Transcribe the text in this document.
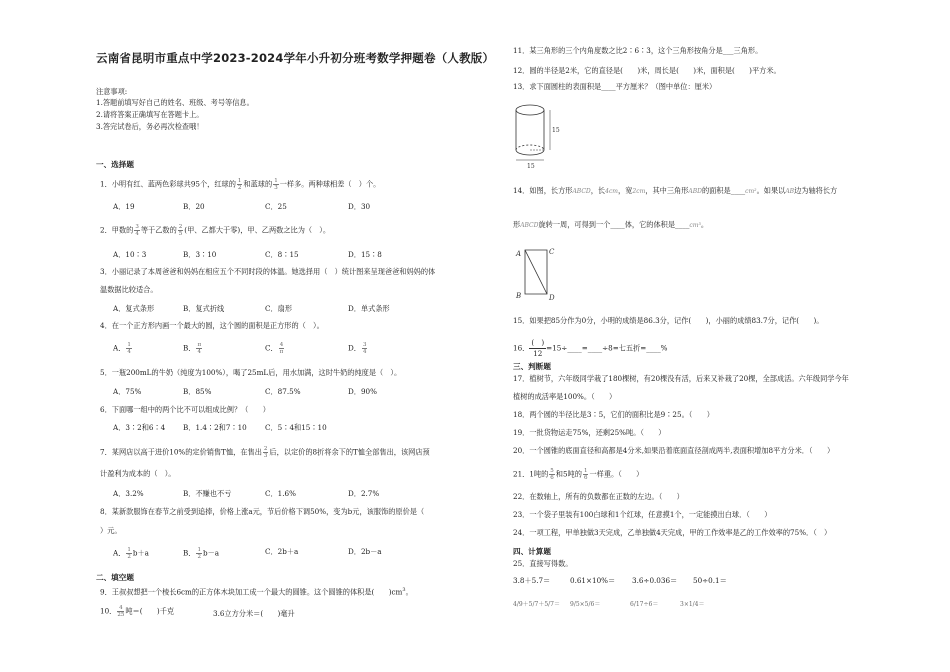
云南省昆明市重点中学2023-2024学年小升初分班考数学押题卷（人教版）
注意事项:
1.答题前填写好自己的姓名、班级、考号等信息。
2.请将答案正确填写在答题卡上。
3.答完试卷后，务必再次检查哦！
一、选择题
1．小明有红、蓝两色彩球共95个，红球的 $\frac{1}{2}$ 和蓝球的 $\frac{1}{3}$ 一样多。两种球相差（　）个。
A．19	B．20	C．25	D．30
2．甲数的 $\frac{3}{4}$ 等于乙数的 $\frac{2}{5}$ (甲、乙都大于零)，甲、乙两数之比为（　）。
A．10∶3	B．3∶10	C．8∶15	D．15∶8
3．小丽记录了本周爸爸和妈妈在相应五个不同时段的体温。她选择用（　）统计图来呈现爸爸和妈妈的体
温数据比较适合。
A．复式条形	B．复式折线	C．扇形	D．单式条形
4．在一个正方形内画一个最大的圆，这个圆的面积是正方形的（　）。
A． $\frac{1}{4}$	B． $\frac{\pi}{4}$	C． $\frac{4}{\pi}$	D． $\frac{3}{4}$
5．一瓶200mL的牛奶（纯度为100%），喝了25mL后，用水加满，这时牛奶的纯度是（　）。
A．75%	B．85%	C．87.5%	D．90%
6．下面哪一组中的两个比不可以组成比例？（　　）
A．3∶2和6∶4 B．1.4∶2和7∶10	C．5∶4和15∶10
7．某网店以高于进价10%的定价销售T恤，在售出 $\frac{2}{3}$ 后，以定价的8折将余下的T恤全部售出，该网店预
计盈利为成本的（　）。
A．3.2%	B．不赚也不亏	C．1.6%	D．2.7%
8．某新款服饰在春节之前受到追捧，价格上涨a元，节后价格下调50%，变为b元，该服饰的原价是（
）元。
A． $\frac{1}{2} b+a$	B． $\frac{1}{2} b-a$	C．2b＋a	D．2b－a
二、填空题
9．王叔叔想把一个棱长6cm的正方体木块加工成一个最大的圆锥。这个圆锥的体积是(　　)$cm^3$。
10． $\frac{4}{25}$ 吨＝(　　)千克	3.6立方分米＝(　　)毫升
11．某三角形的三个内角度数之比2∶6∶3，这个三角形按角分是___三角形。
12．圆的半径是2米，它的直径是(　　)米，周长是(　　)米，面积是(　　)平方米。
13．求下面圆柱的表面积是____平方厘米？（图中单位：厘米）
15
15
14．如图，长方形ABCD，长4cm，宽2cm，其中三角形ABD的面积是____cm²。如果以AB边为轴将长方
形ABCD旋转一周，可得到一个____体，它的体积是____cm³。
A	C
B	D
15．如果把85分作为0分，小明的成绩是86.3分，记作(　　)，小丽的成绩83.7分，记作(　　)。
16．
(　)
12
=15÷____=____÷8=七五折=____%
三、判断题
17．植树节，六年级同学栽了180棵树，有20棵没有活，后来又补栽了20棵，全部成活。六年级同学今年
植树的成活率是100%。（　　）
18．两个圆的半径比是3∶5，它们的面积比是9∶25。（　　）
19．一批货物运走75%，还剩25%吨。（　　）
20．一个圆锥的底面直径和高都是4分米,如果沿着底面直径剖成两半,表面积增加8平方分米．（　　）
21．1吨的 $\frac{5}{6}$ 和5吨的 $\frac{1}{6}$ 一样重。（　　）
22．在数轴上，所有的负数都在正数的左边。（　　）
23．一个袋子里装有100白球和1个红球，任意摸1个，一定能摸出白球．（　　）
24．一项工程，甲单独做3天完成，乙单独做4天完成，甲的工作效率是乙的工作效率的75%．（　）
四、计算题
25．直接写得数。
3.8＋5.7＝	0.61×10%＝ 3.6÷0.036＝ 50÷0.1＝
4/9＋5/7＋5/7＝ 9/5×5/6＝	6/17÷6＝	3×1/4＝
